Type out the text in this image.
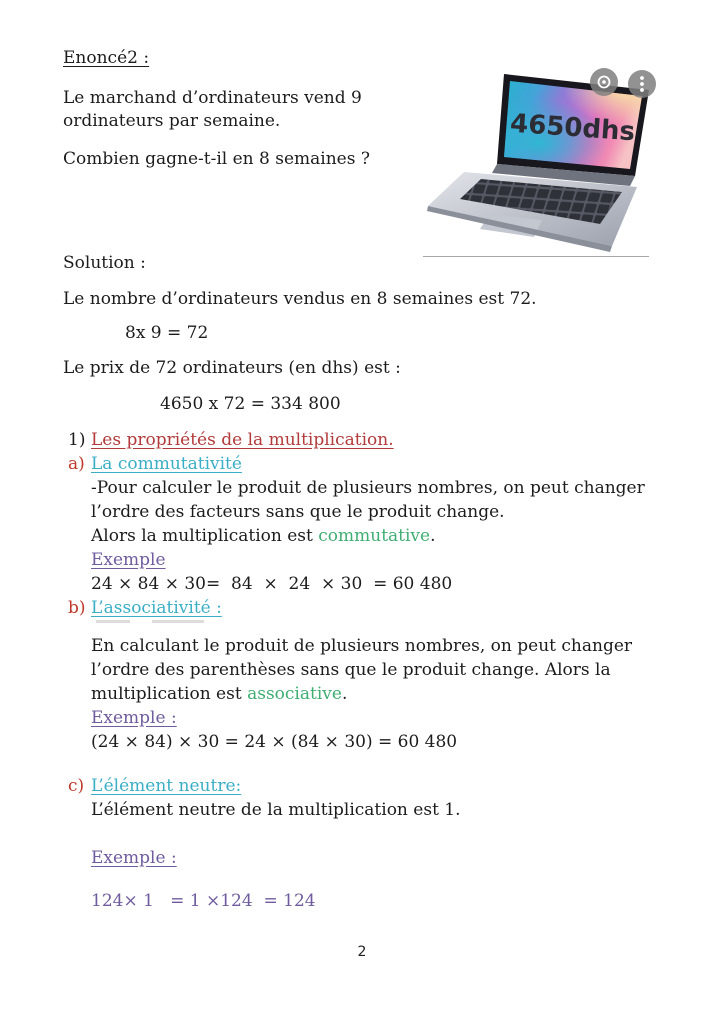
Enoncé2 :
Le marchand d’ordinateurs vend 9
ordinateurs par semaine.
Combien gagne-t-il en 8 semaines ?
Solution :
Le nombre d’ordinateurs vendus en 8 semaines est 72.
8x 9 = 72
Le prix de 72 ordinateurs (en dhs) est :
4650 x 72 = 334 800
1) Les propriétés de la multiplication.
a) La commutativité
-Pour calculer le produit de plusieurs nombres, on peut changer
l’ordre des facteurs sans que le produit change.
Alors la multiplication est commutative.
Exemple
24 × 84 × 30=  84  ×  24  × 30  = 60 480
b) L’associativité :
En calculant le produit de plusieurs nombres, on peut changer
l’ordre des parenthèses sans que le produit change. Alors la
multiplication est associative.
Exemple :
(24 × 84) × 30 = 24 × (84 × 30) = 60 480
c) L’élément neutre:
L’élément neutre de la multiplication est 1.
Exemple :
124× 1   = 1 ×124  = 124
4650dhs
2
